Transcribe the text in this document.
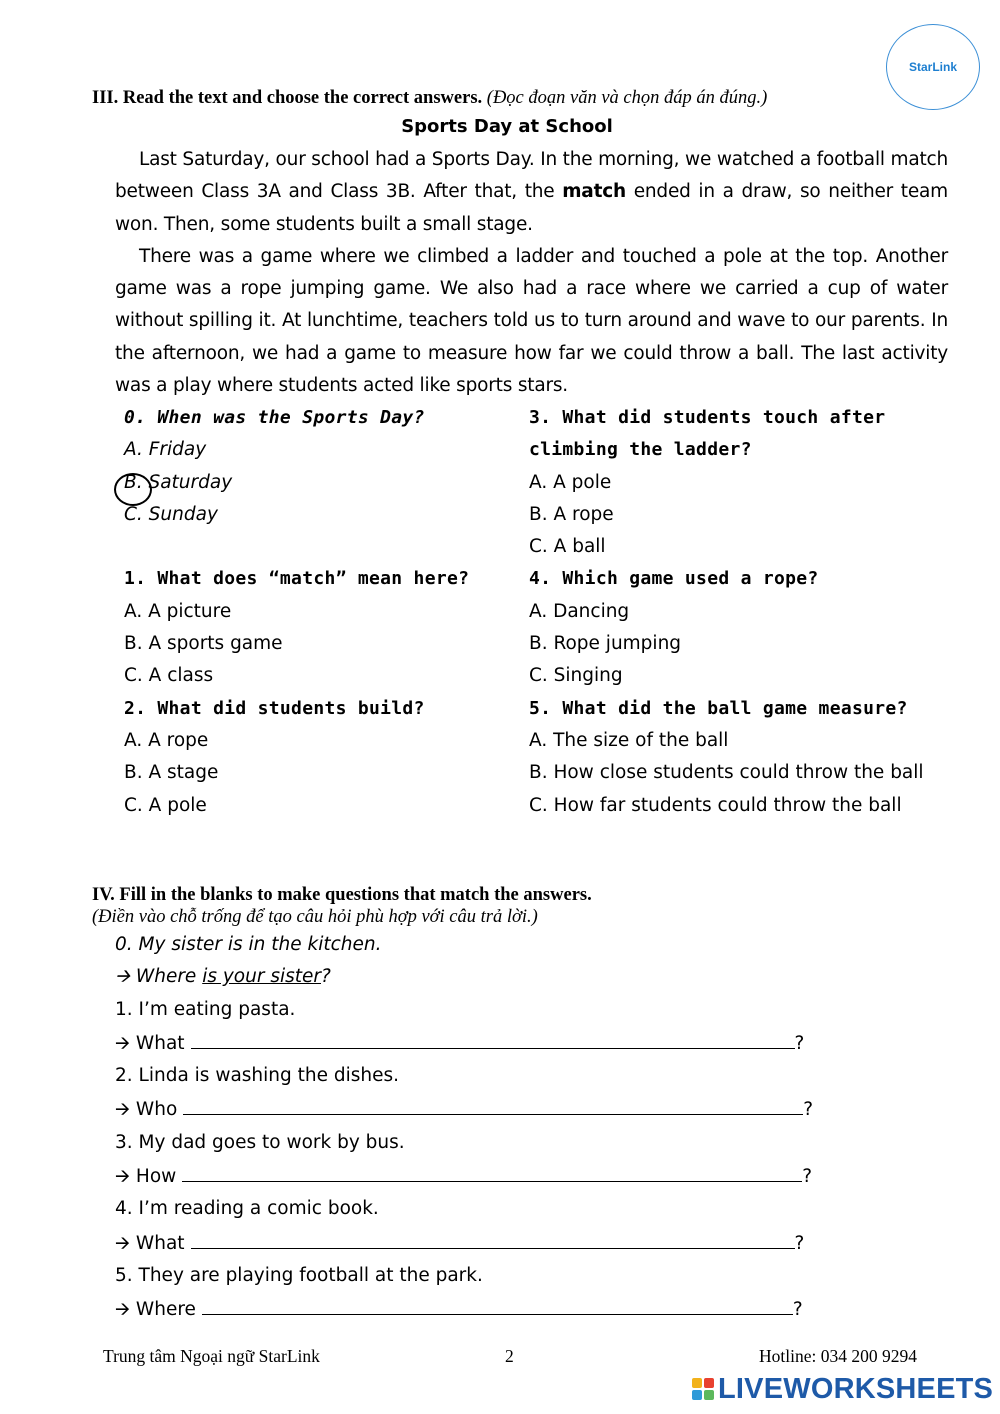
StarLink
III. Read the text and choose the correct answers. (Đọc đoạn văn và chọn đáp án đúng.)
Sports Day at School

Last Saturday, our school had a Sports Day. In the morning, we watched a football match between Class 3A and Class 3B. After that, the match ended in a draw, so neither team won. Then, some students built a small stage.

There was a game where we climbed a ladder and touched a pole at the top. Another game was a rope jumping game. We also had a race where we carried a cup of water without spilling it. At lunchtime, teachers told us to turn around and wave to our parents. In the afternoon, we had a game to measure how far we could throw a ball. The last activity was a play where students acted like sports stars.

0. When was the Sports Day?
A. Friday
B. Saturday
C. Sunday
1. What does “match” mean here?
A. A picture
B. A sports game
C. A class
2. What did students build?
A. A rope
B. A stage
C. A pole
3. What did students touch after
climbing the ladder?
A. A pole
B. A rope
C. A ball
4. Which game used a rope?
A. Dancing
B. Rope jumping
C. Singing
5. What did the ball game measure?
A. The size of the ball
B. How close students could throw the ball
C. How far students could throw the ball
IV. Fill in the blanks to make questions that match the answers.
(Điền vào chỗ trống để tạo câu hỏi phù hợp với câu trả lời.)
0. My sister is in the kitchen.
🡪
Where
is your sister ?
1. I’m eating pasta.
🡪
What	?
2. Linda is washing the dishes.
🡪
Who	?
3. My dad goes to work by bus.
🡪
How	?
4. I’m reading a comic book.
🡪
What	?
5. They are playing football at the park.
🡪
Where	?
Trung tâm Ngoại ngữ StarLink	2	Hotline: 034 200 9294
LIVEWORKSHEETS
